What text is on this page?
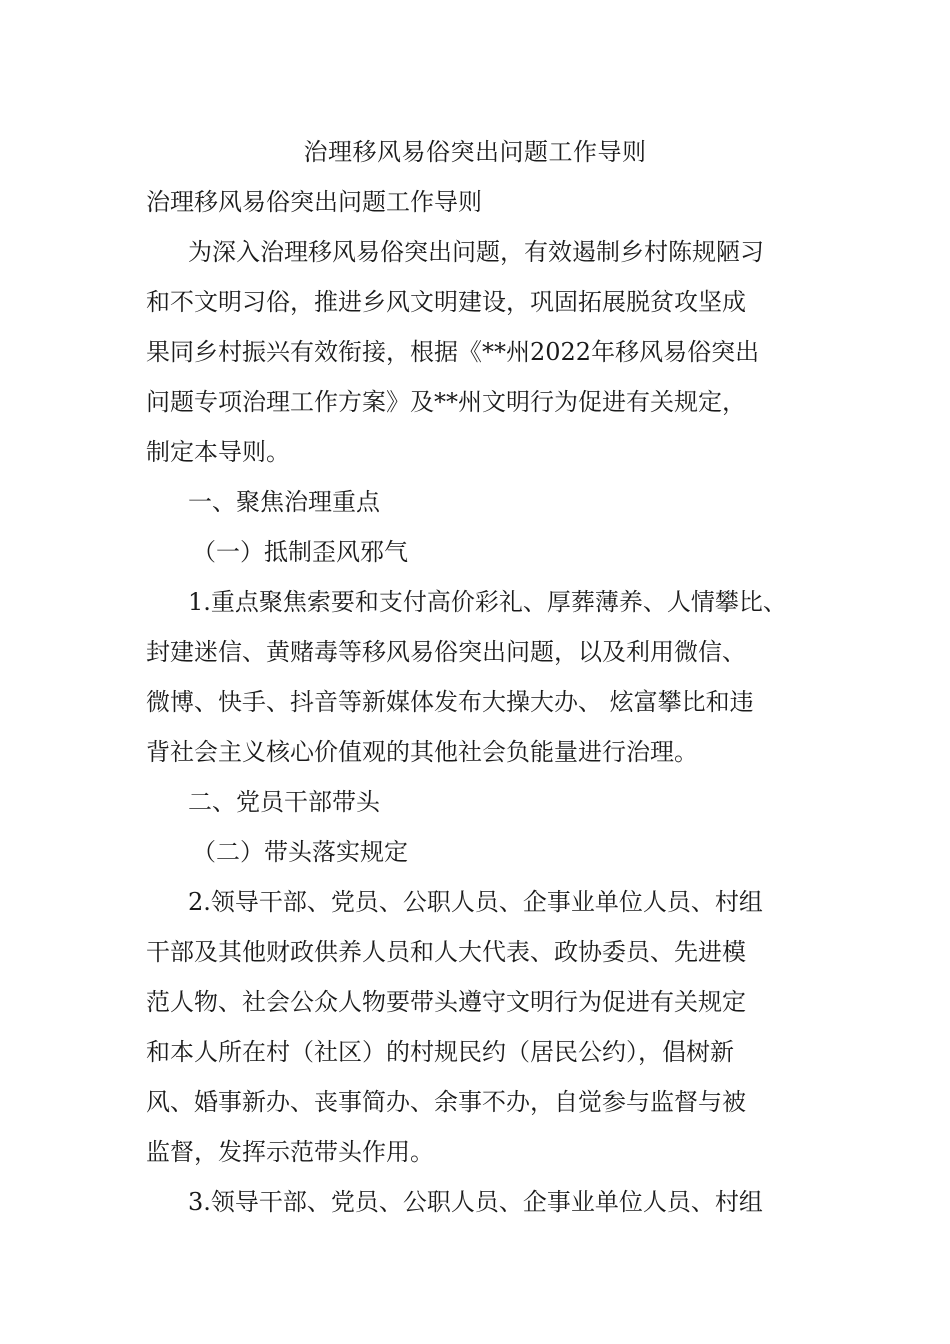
治理移风易俗突出问题工作导则
治理移风易俗突出问题工作导则
为深入治理移风易俗突出问题，有效遏制乡村陈规陋习
和不文明习俗，推进乡风文明建设，巩固拓展脱贫攻坚成
果同乡村振兴有效衔接，根据《**州2022年移风易俗突出
问题专项治理工作方案》及**州文明行为促进有关规定，
制定本导则。
一、聚焦治理重点
（一）抵制歪风邪气
1.重点聚焦索要和支付高价彩礼、厚葬薄养、人情攀比、
封建迷信、黄赌毒等移风易俗突出问题，以及利用微信、
微博、快手、抖音等新媒体发布大操大办、 炫富攀比和违
背社会主义核心价值观的其他社会负能量进行治理。
二、党员干部带头
（二）带头落实规定
2.领导干部、党员、公职人员、企事业单位人员、村组
干部及其他财政供养人员和人大代表、政协委员、先进模
范人物、社会公众人物要带头遵守文明行为促进有关规定
和本人所在村（社区）的村规民约（居民公约），倡树新
风、婚事新办、丧事简办、余事不办，自觉参与监督与被
监督，发挥示范带头作用。
3.领导干部、党员、公职人员、企事业单位人员、村组
